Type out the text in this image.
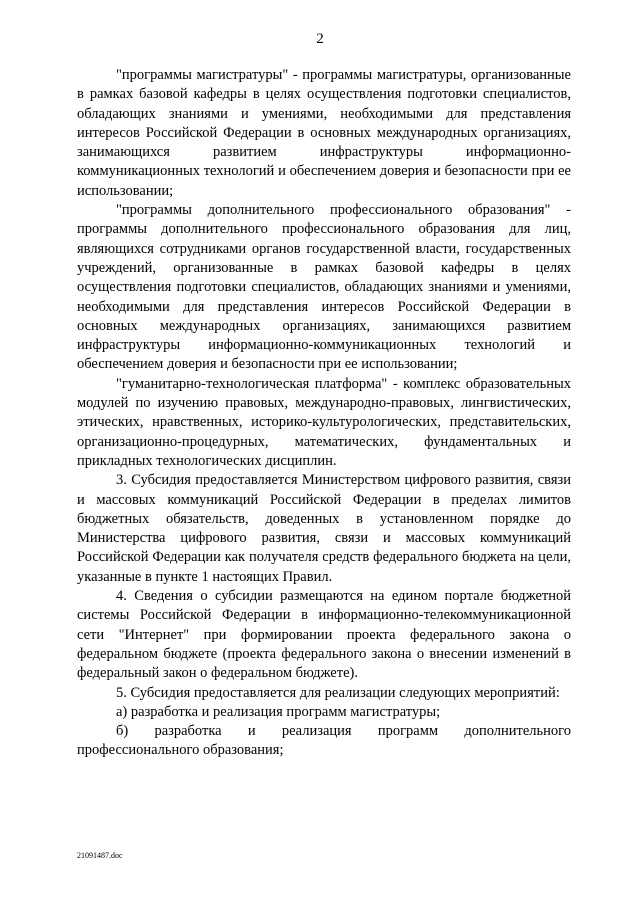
2

"программы магистратуры" - программы магистратуры, организованные в рамках базовой кафедры в целях осуществления подготовки специалистов, обладающих знаниями и умениями, необходимыми для представления интересов Российской Федерации в основных международных организациях, занимающихся развитием инфраструктуры информационно-коммуникационных технологий и обеспечением доверия и безопасности при ее использовании;

"программы дополнительного профессионального образования" - программы дополнительного профессионального образования для лиц, являющихся сотрудниками органов государственной власти, государственных учреждений, организованные в рамках базовой кафедры в целях осуществления подготовки специалистов, обладающих знаниями и умениями, необходимыми для представления интересов Российской Федерации в основных международных организациях, занимающихся развитием инфраструктуры информационно-коммуникационных технологий и обеспечением доверия и безопасности при ее использовании;

"гуманитарно-технологическая платформа" - комплекс образовательных модулей по изучению правовых, международно-правовых, лингвистических, этических, нравственных, историко-культурологических, представительских, организационно-процедурных, математических, фундаментальных и прикладных технологических дисциплин.

3. Субсидия предоставляется Министерством цифрового развития, связи и массовых коммуникаций Российской Федерации в пределах лимитов бюджетных обязательств, доведенных в установленном порядке до Министерства цифрового развития, связи и массовых коммуникаций Российской Федерации как получателя средств федерального бюджета на цели, указанные в пункте 1 настоящих Правил.

4. Сведения о субсидии размещаются на едином портале бюджетной системы Российской Федерации в информационно-телекоммуникационной сети "Интернет" при формировании проекта федерального закона о федеральном бюджете (проекта федерального закона о внесении изменений в федеральный закон о федеральном бюджете).

5. Субсидия предоставляется для реализации следующих мероприятий:

а) разработка и реализация программ магистратуры;

б) разработка и реализация программ дополнительного профессионального образования;

21091487.doc
